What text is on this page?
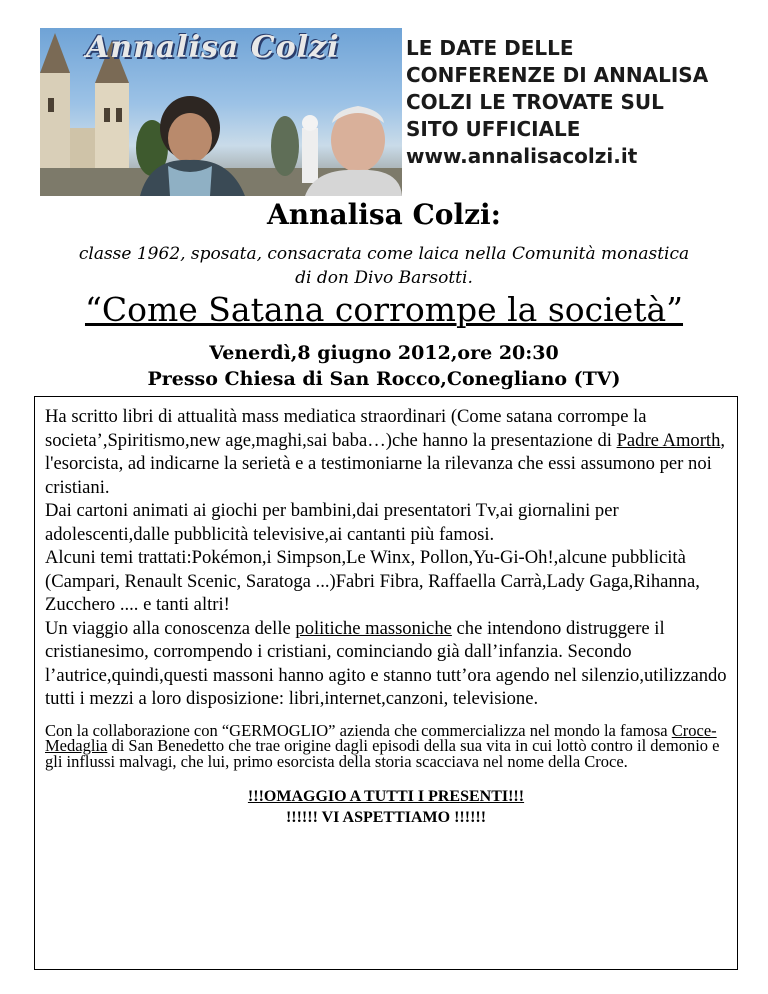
Annalisa Colzi	LE DATE DELLE
CONFERENZE DI ANNALISA
COLZI LE TROVATE SUL
SITO UFFICIALE
www.annalisacolzi.it
Annalisa Colzi:
classe 1962, sposata, consacrata come laica nella Comunità monastica di don Divo Barsotti.
“Come Satana corrompe la società”
Venerdì,8 giugno 2012,ore 20:30
Presso Chiesa di San Rocco,Conegliano (TV)

Ha scritto libri di attualità mass mediatica straordinari (Come satana corrompe la societa’,Spiritismo,new age,maghi,sai baba…)che hanno la presentazione di Padre Amorth, l'esorcista, ad indicarne la serietà e a testimoniarne la rilevanza che essi assumono per noi cristiani.

Dai cartoni animati ai giochi per bambini,dai presentatori Tv,ai giornalini per adolescenti,dalle pubblicità televisive,ai cantanti più famosi.

Alcuni temi trattati:Pokémon,i Simpson,Le Winx, Pollon,Yu-Gi-Oh!,alcune pubblicità (Campari, Renault Scenic, Saratoga ...)Fabri Fibra, Raffaella Carrà,Lady Gaga,Rihanna, Zucchero .... e tanti altri!

Un viaggio alla conoscenza delle politiche massoniche che intendono distruggere il cristianesimo, corrompendo i cristiani, cominciando già dall’infanzia. Secondo l’autrice,quindi,questi massoni hanno agito e stanno tutt’ora agendo nel silenzio,utilizzando tutti i mezzi a loro disposizione: libri,internet,canzoni, televisione.

Con la collaborazione con “GERMOGLIO” azienda che commercializza nel mondo la famosa Croce-Medaglia di San Benedetto che trae origine dagli episodi della sua vita in cui lottò contro il demonio e gli influssi malvagi, che lui, primo esorcista della storia scacciava nel nome della Croce.

!!!OMAGGIO A TUTTI I PRESENTI!!!
!!!!!! VI ASPETTIAMO !!!!!!
